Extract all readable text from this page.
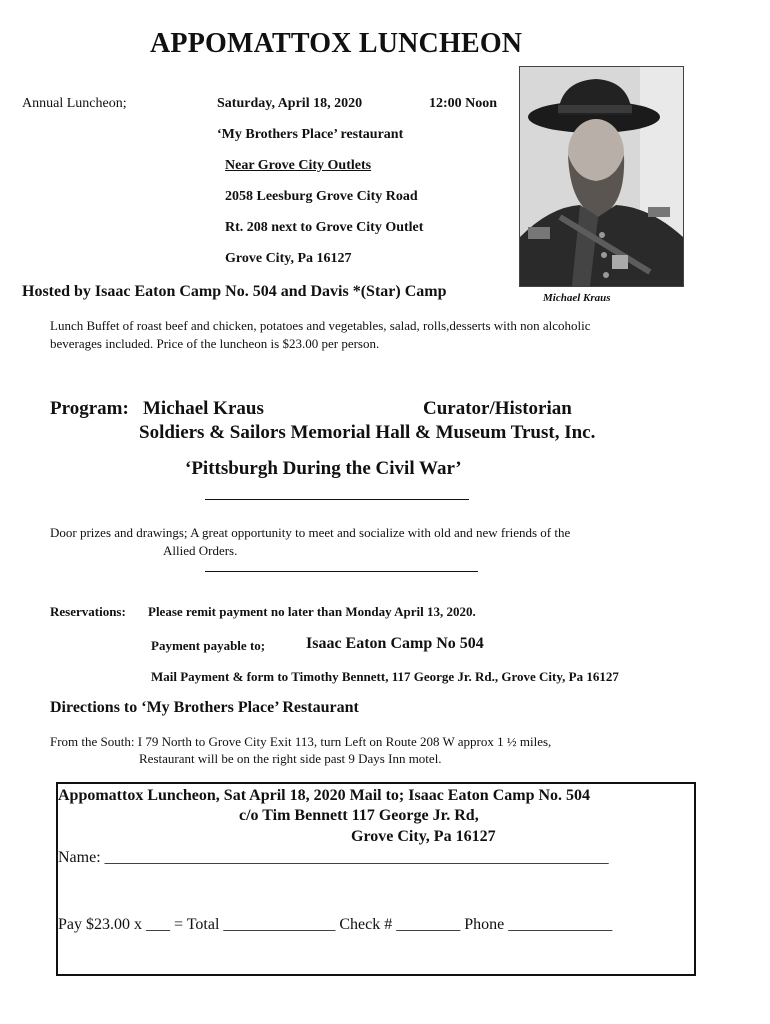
APPOMATTOX LUNCHEON
Annual Luncheon;	Saturday, April 18, 2020	12:00 Noon
‘My Brothers Place’ restaurant
Near Grove City Outlets
2058 Leesburg Grove City Road
Rt. 208 next to Grove City Outlet
Grove City, Pa 16127
Michael Kraus
Hosted by Isaac Eaton Camp No. 504 and Davis *(Star) Camp
Lunch Buffet of roast beef and chicken, potatoes and vegetables, salad, rolls,desserts with non alcoholic
beverages included. Price of the luncheon is $23.00 per person.
Program: Michael Kraus	Curator/Historian
Soldiers & Sailors Memorial Hall & Museum Trust, Inc.
‘Pittsburgh During the Civil War’
Door prizes and drawings; A great opportunity to meet and socialize with old and new friends of the
Allied Orders.
Reservations: Please remit payment no later than Monday April 13, 2020.
Payment payable to;	Isaac Eaton Camp No 504
Mail Payment & form to Timothy Bennett, 117 George Jr. Rd., Grove City, Pa 16127
Directions to ‘My Brothers Place’ Restaurant
From the South: I 79 North to Grove City Exit 113, turn Left on Route 208 W approx 1 ½ miles,
Restaurant will be on the right side past 9 Days Inn motel.
Appomattox Luncheon, Sat April 18, 2020 Mail to; Isaac Eaton Camp No. 504
c/o Tim Bennett 117 George Jr. Rd,
Grove City, Pa 16127
Name: _______________________________________________________________
Pay $23.00 x ___ = Total ______________ Check # ________ Phone _____________
